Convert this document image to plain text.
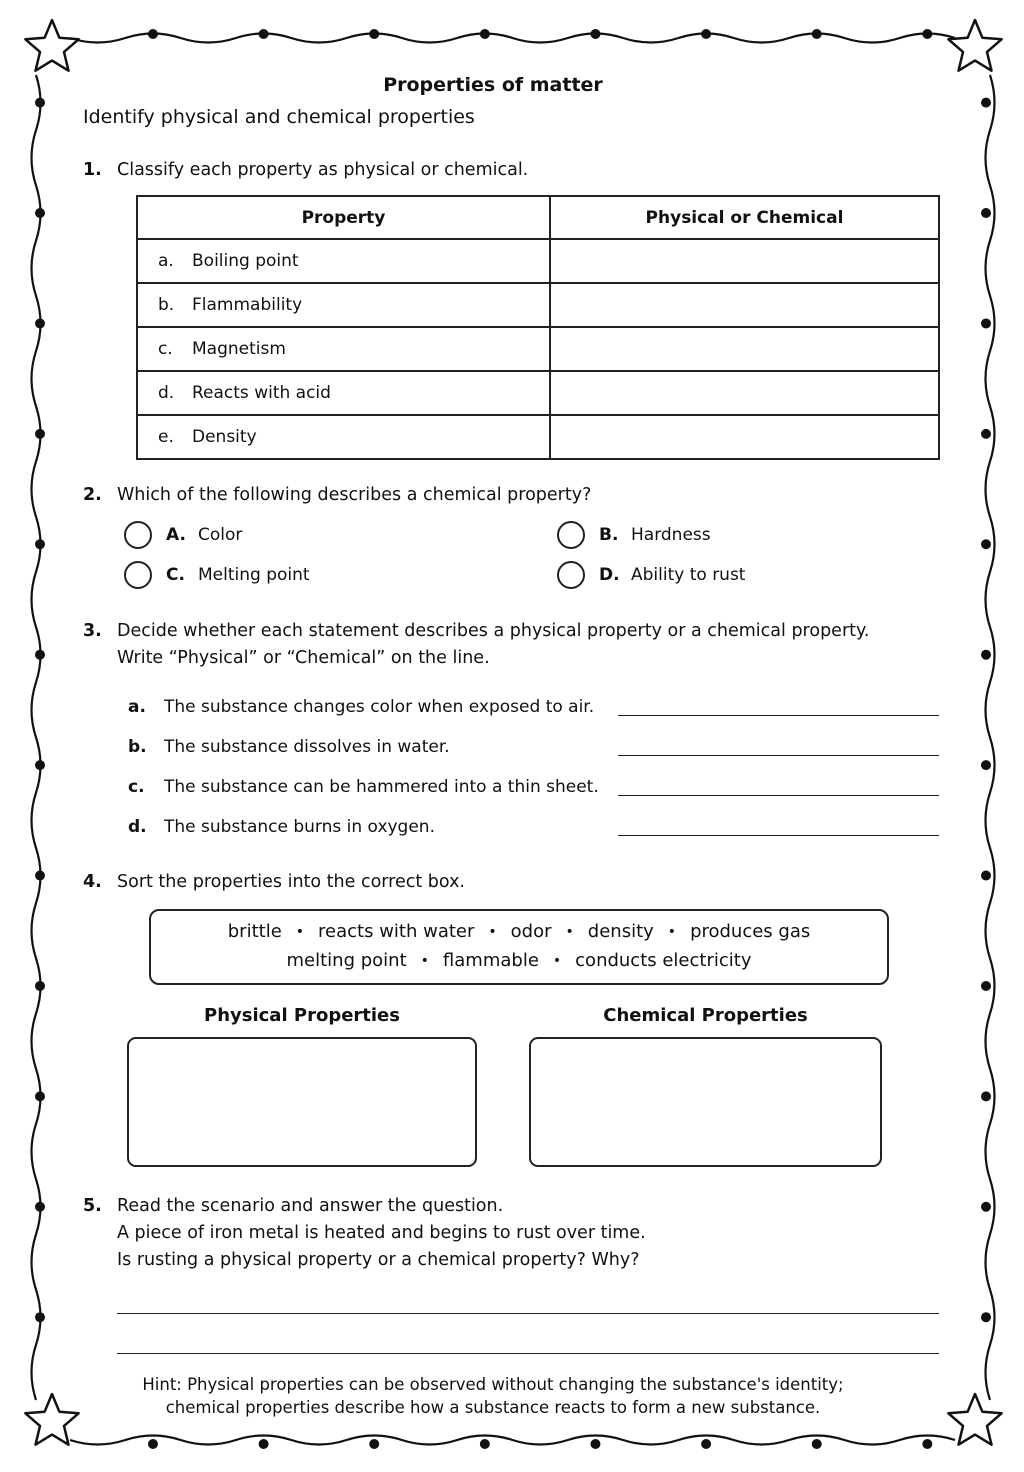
Properties of matter
Identify physical and chemical properties
1. Classify each property as physical or chemical.
Property	Physical or Chemical
a. Boiling point	
b. Flammability	
c. Magnetism	
d. Reacts with acid	
e. Density	
2. Which of the following describes a chemical property?
A. Color	B. Hardness
C. Melting point	D. Ability to rust
3. Decide whether each statement describes a physical property or a chemical property.
Write “Physical” or “Chemical” on the line.
a. The substance changes color when exposed to air.
b. The substance dissolves in water.
c. The substance can be hammered into a thin sheet.
d. The substance burns in oxygen.
4. Sort the properties into the correct box.
brittle • reacts with water • odor • density • produces gas
melting point • flammable • conducts electricity
Physical Properties	Chemical Properties
5. Read the scenario and answer the question.
A piece of iron metal is heated and begins to rust over time.
Is rusting a physical property or a chemical property? Why?
Hint: Physical properties can be observed without changing the substance's identity;
chemical properties describe how a substance reacts to form a new substance.
